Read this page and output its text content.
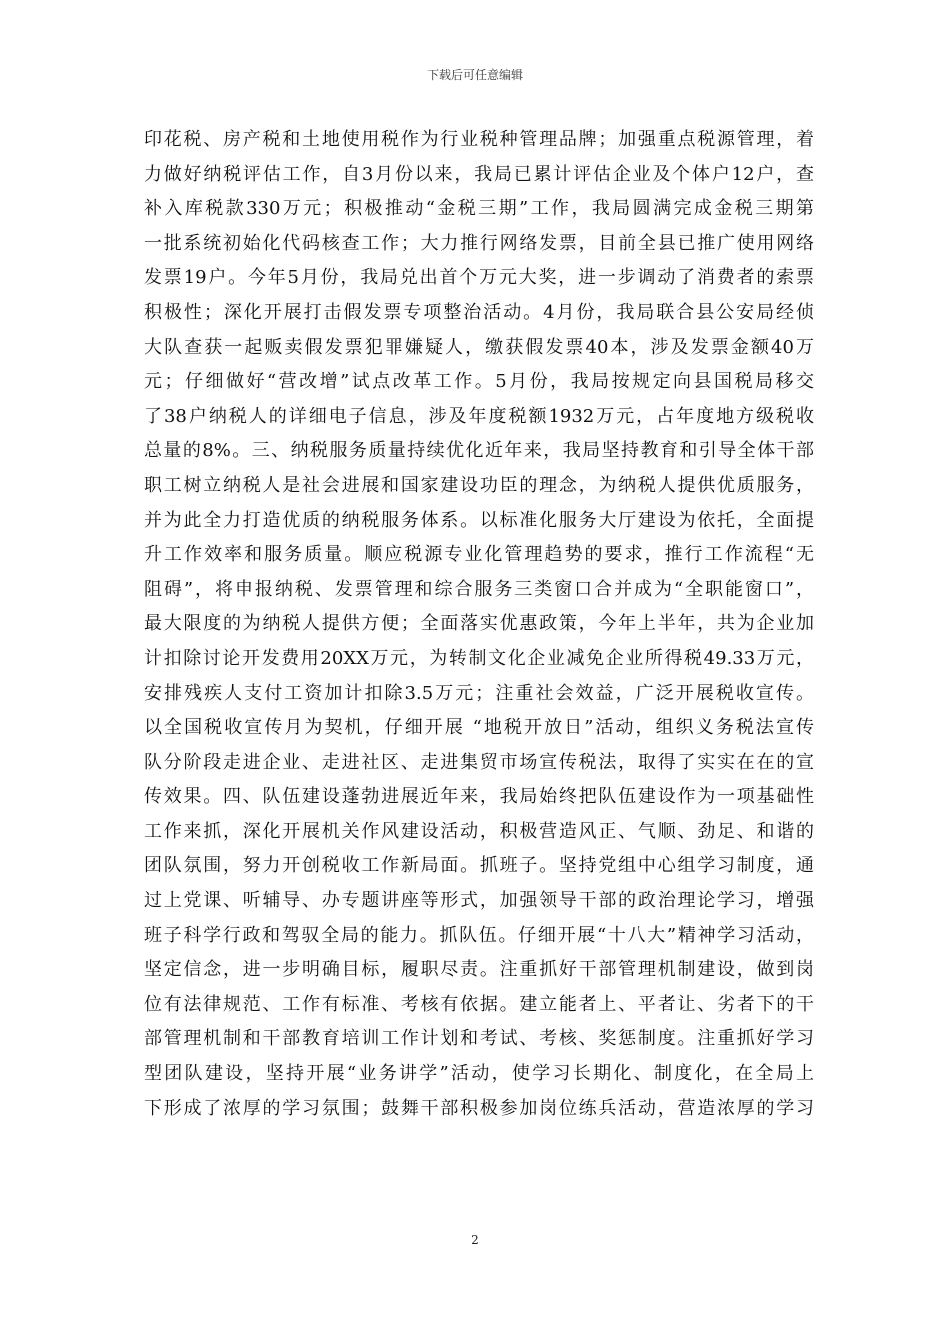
下载后可任意编辑
印花税、房产税和土地使用税作为行业税种管理品牌；加强重点税源管理，着
力做好纳税评估工作，自3月份以来，我局已累计评估企业及个体户12户，查
补入库税款330万元；积极推动“金税三期”工作，我局圆满完成金税三期第
一批系统初始化代码核查工作；大力推行网络发票，目前全县已推广使用网络
发票19户。今年5月份，我局兑出首个万元大奖，进一步调动了消费者的索票
积极性；深化开展打击假发票专项整治活动。4月份，我局联合县公安局经侦
大队查获一起贩卖假发票犯罪嫌疑人，缴获假发票40本，涉及发票金额40万
元；仔细做好“营改增”试点改革工作。5月份，我局按规定向县国税局移交
了38户纳税人的详细电子信息，涉及年度税额1932万元，占年度地方级税收
总量的8%。三、纳税服务质量持续优化近年来，我局坚持教育和引导全体干部
职工树立纳税人是社会进展和国家建设功臣的理念，为纳税人提供优质服务，
并为此全力打造优质的纳税服务体系。以标准化服务大厅建设为依托，全面提
升工作效率和服务质量。顺应税源专业化管理趋势的要求，推行工作流程“无
阻碍”，将申报纳税、发票管理和综合服务三类窗口合并成为“全职能窗口”，
最大限度的为纳税人提供方便；全面落实优惠政策，今年上半年，共为企业加
计扣除讨论开发费用20XX万元，为转制文化企业减免企业所得税49.33万元，
安排残疾人支付工资加计扣除3.5万元；注重社会效益，广泛开展税收宣传。
以全国税收宣传月为契机，仔细开展 “地税开放日”活动，组织义务税法宣传
队分阶段走进企业、走进社区、走进集贸市场宣传税法，取得了实实在在的宣
传效果。四、队伍建设蓬勃进展近年来，我局始终把队伍建设作为一项基础性
工作来抓，深化开展机关作风建设活动，积极营造风正、气顺、劲足、和谐的
团队氛围，努力开创税收工作新局面。抓班子。坚持党组中心组学习制度，通
过上党课、听辅导、办专题讲座等形式，加强领导干部的政治理论学习，增强
班子科学行政和驾驭全局的能力。抓队伍。仔细开展“十八大”精神学习活动，
坚定信念，进一步明确目标，履职尽责。注重抓好干部管理机制建设，做到岗
位有法律规范、工作有标准、考核有依据。建立能者上、平者让、劣者下的干
部管理机制和干部教育培训工作计划和考试、考核、奖惩制度。注重抓好学习
型团队建设，坚持开展“业务讲学”活动，使学习长期化、制度化，在全局上
下形成了浓厚的学习氛围；鼓舞干部积极参加岗位练兵活动，营造浓厚的学习
2
